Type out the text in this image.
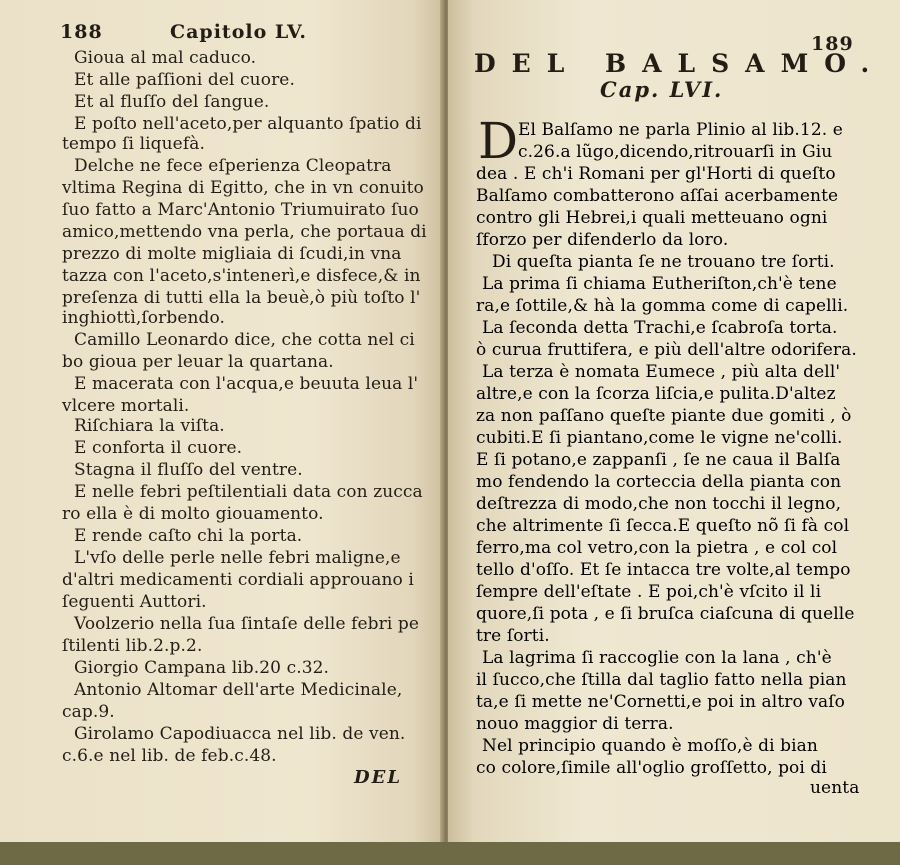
188	Capitolo LV.
Gioua al mal caduco.
Et alle paſſioni del cuore.
Et al fluſſo del ſangue.
E poſto nell'aceto,per alquanto ſpatio di
tempo ſi liquefà.
Delche ne fece eſperienza Cleopatra
vltima Regina di Egitto, che in vn conuito
ſuo fatto a Marc'Antonio Triumuirato ſuo
amico,mettendo vna perla, che portaua di
prezzo di molte migliaia di ſcudi,in vna
tazza con l'aceto,s'intenerì,e disfece,& in
preſenza di tutti ella la beuè,ò più toſto l'
inghiottì,ſorbendo.
Camillo Leonardo dice, che cotta nel ci
bo gioua per leuar la quartana.
E macerata con l'acqua,e beuuta leua l'
vlcere mortali.
Riſchiara la viſta.
E conforta il cuore.
Stagna il fluſſo del ventre.
E nelle febri peſtilentiali data con zucca
ro ella è di molto giouamento.
E rende caſto chi la porta.
L'vſo delle perle nelle febri maligne,e
d'altri medicamenti cordiali approuano i
ſeguenti Auttori.
Voolzerio nella ſua ſintaſe delle febri pe
ſtilenti lib.2.p.2.
Giorgio Campana lib.20 c.32.
Antonio Altomar dell'arte Medicinale,
cap.9.
Girolamo Capodiuacca nel lib. de ven.
c.6.e nel lib. de feb.c.48.
DEL
189
DEL BALSAMO.
Cap. LVI.
D El Balſamo ne parla Plinio al lib.12. e
c.26.a lũgo,dicendo,ritrouarſi in Giu
dea . E ch'i Romani per gl'Horti di queſto
Balſamo combatterono aſſai acerbamente
contro gli Hebrei,i quali metteuano ogni
ſforzo per difenderlo da loro.
Di queſta pianta ſe ne trouano tre ſorti.
La prima ſi chiama Eutheriſton,ch'è tene
ra,e ſottile,& hà la gomma come di capelli.
La ſeconda detta Trachi,e ſcabroſa torta.
ò curua fruttifera, e più dell'altre odorifera.
La terza è nomata Eumece , più alta dell'
altre,e con la ſcorza liſcia,e pulita.D'altez
za non paſſano queſte piante due gomiti , ò
cubiti.E ſi piantano,come le vigne ne'colli.
E ſi potano,e zappanſi , ſe ne caua il Balſa
mo fendendo la corteccia della pianta con
deſtrezza di modo,che non tocchi il legno,
che altrimente ſi ſecca.E queſto nõ ſi fà col
ferro,ma col vetro,con la pietra , e col col
tello d'oſſo. Et ſe intacca tre volte,al tempo
ſempre dell'eſtate . E poi,ch'è vſcito il li
quore,ſi pota , e ſi bruſca ciaſcuna di quelle
tre ſorti.
La lagrima ſi raccoglie con la lana , ch'è
il ſucco,che ſtilla dal taglio fatto nella pian
ta,e ſi mette ne'Cornetti,e poi in altro vaſo
nouo maggior di terra.
Nel principio quando è moſſo,è di bian
co colore,ſimile all'oglio groſſetto, poi di
uenta
